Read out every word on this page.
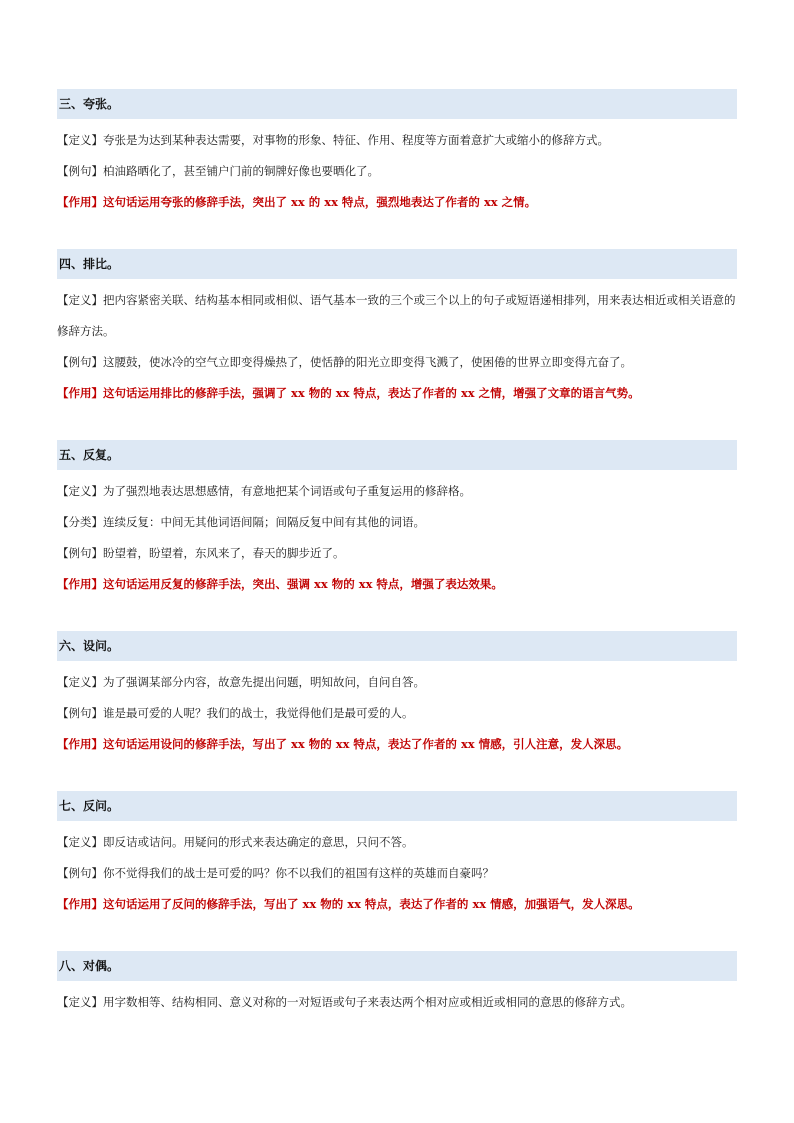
三、夸张。
【定义】夸张是为达到某种表达需要，对事物的形象、特征、作用、程度等方面着意扩大或缩小的修辞方式。
【例句】柏油路晒化了，甚至铺户门前的铜牌好像也要晒化了。
【作用】这句话运用夸张的修辞手法，突出了 xx 的 xx 特点，强烈地表达了作者的 xx 之情。
四、排比。
【定义】把内容紧密关联、结构基本相同或相似、语气基本一致的三个或三个以上的句子或短语递相排列，用来表达相近或相关语意的修辞方法。
【例句】这腰鼓，使冰冷的空气立即变得燥热了，使恬静的阳光立即变得飞溅了，使困倦的世界立即变得亢奋了。
【作用】这句话运用排比的修辞手法，强调了 xx 物的 xx 特点，表达了作者的 xx 之情，增强了文章的语言气势。
五、反复。
【定义】为了强烈地表达思想感情，有意地把某个词语或句子重复运用的修辞格。
【分类】连续反复：中间无其他词语间隔；间隔反复中间有其他的词语。
【例句】盼望着，盼望着，东风来了，春天的脚步近了。
【作用】这句话运用反复的修辞手法，突出、强调 xx 物的 xx 特点，增强了表达效果。
六、设问。
【定义】为了强调某部分内容，故意先提出问题，明知故问，自问自答。
【例句】谁是最可爱的人呢？我们的战士，我觉得他们是最可爱的人。
【作用】这句话运用设问的修辞手法，写出了 xx 物的 xx 特点，表达了作者的 xx 情感，引人注意，发人深思。
七、反问。
【定义】即反诘或诘问。用疑问的形式来表达确定的意思，只问不答。
【例句】你不觉得我们的战士是可爱的吗？你不以我们的祖国有这样的英雄而自豪吗？
【作用】这句话运用了反问的修辞手法，写出了 xx 物的 xx 特点，表达了作者的 xx 情感，加强语气，发人深思。
八、对偶。
【定义】用字数相等、结构相同、意义对称的一对短语或句子来表达两个相对应或相近或相同的意思的修辞方式。
